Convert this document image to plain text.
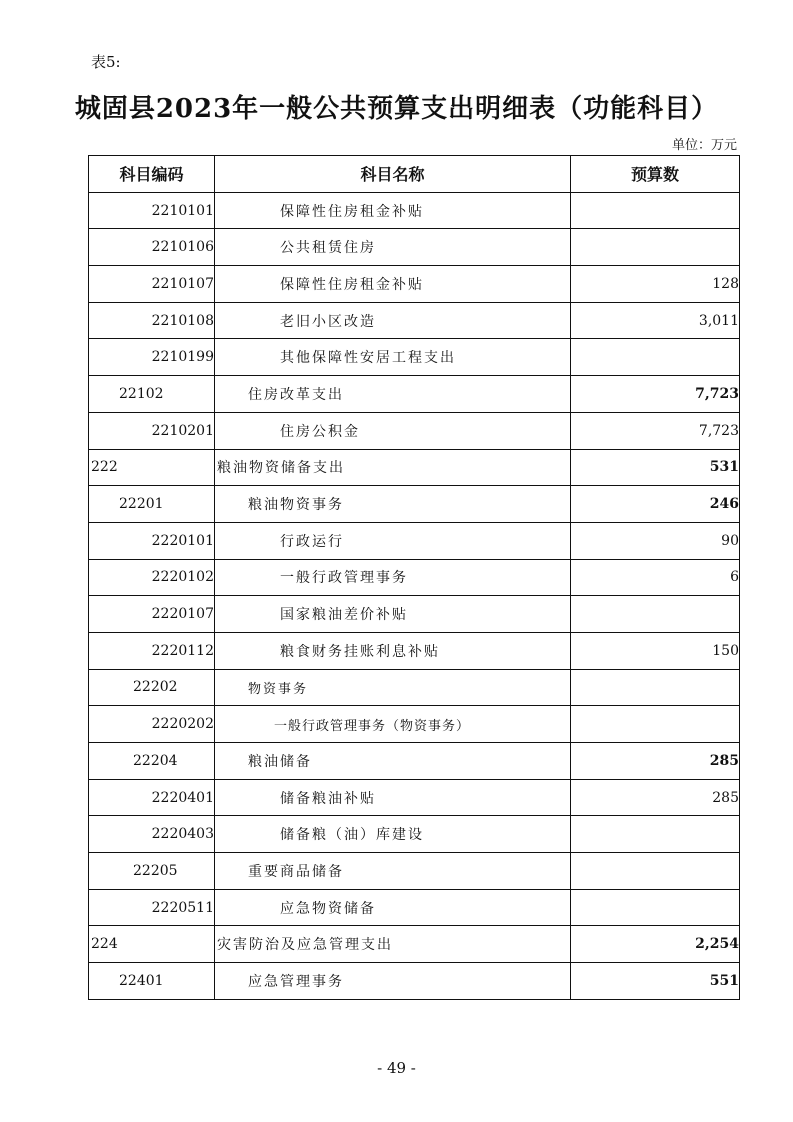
表5:
城固县2023年一般公共预算支出明细表（功能科目）
单位：万元
科目编码	科目名称	预算数
2210101	保障性住房租金补贴	
2210106	公共租赁住房	
2210107	保障性住房租金补贴	128
2210108	老旧小区改造	3,011
2210199	其他保障性安居工程支出	
22102	住房改革支出	7,723
2210201	住房公积金	7,723
222	粮油物资储备支出	531
22201	粮油物资事务	246
2220101	行政运行	90
2220102	一般行政管理事务	6
2220107	国家粮油差价补贴	
2220112	粮食财务挂账利息补贴	150
22202	物资事务	
2220202	一般行政管理事务（物资事务）	
22204	粮油储备	285
2220401	储备粮油补贴	285
2220403	储备粮（油）库建设	
22205	重要商品储备	
2220511	应急物资储备	
224	灾害防治及应急管理支出	2,254
22401	应急管理事务	551
- 49 -
